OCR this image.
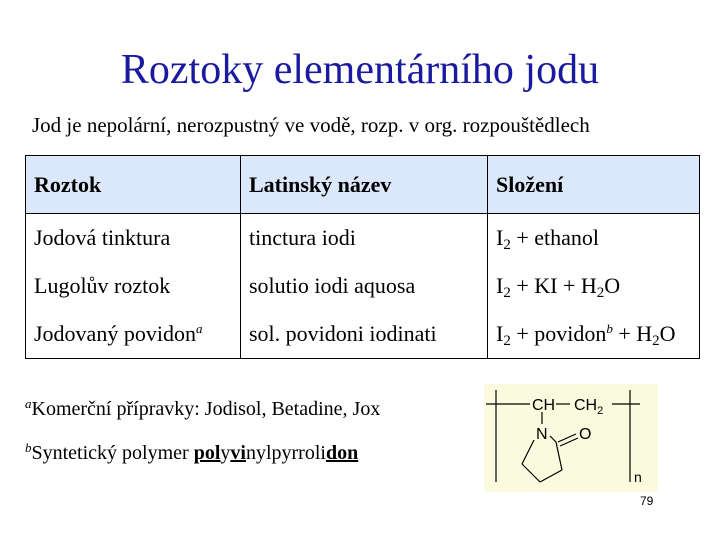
Roztoky elementárního jodu
Jod je nepolární, nerozpustný ve vodě, rozp. v org. rozpouštědlech
Roztok	Latinský název	Složení
Jodová tinktura	tinctura iodi	$I_2$ + ethanol
Lugolův roztok	solutio iodi aquosa	$I_2$ + KI + $H_2O$
Jodovaný povidon$^a$	sol. povidoni iodinati	$I_2$ + povidon$^b$ + $H_2O$
$^a$Komerční přípravky: Jodisol, Betadine, Jox
$^b$Syntetický polymer polyvinylpyrrolidon
CH $CH_2$
N O
n
79
